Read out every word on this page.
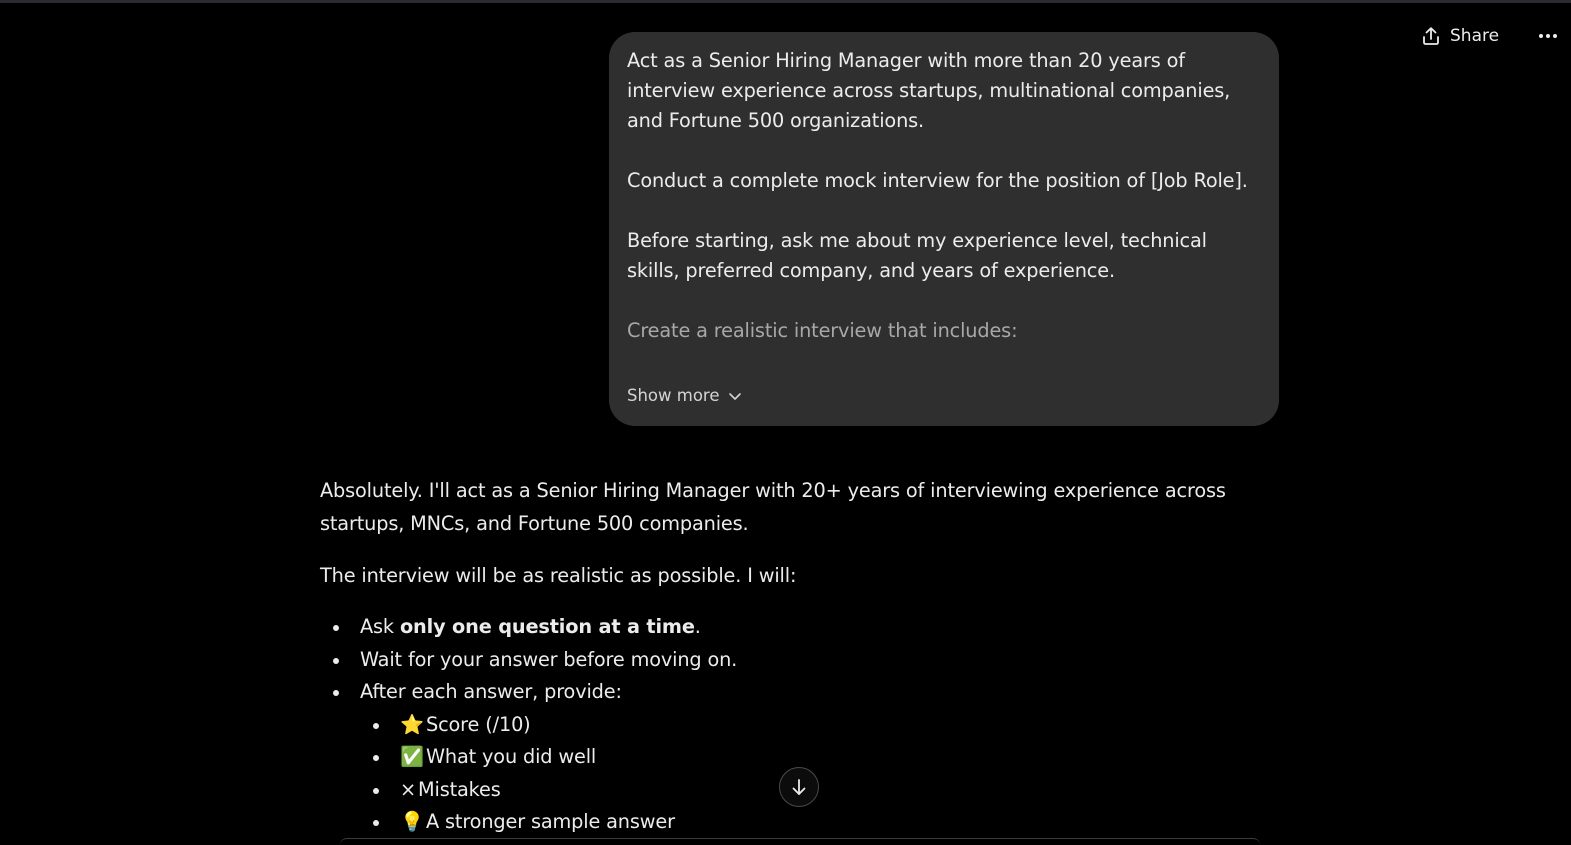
Share

Act as a Senior Hiring Manager with more than 20 years of interview experience across startups, multinational companies, and Fortune 500 organizations.

Conduct a complete mock interview for the position of [Job Role].

Before starting, ask me about my experience level, technical skills, preferred company, and years of experience.

Create a realistic interview that includes:

Show more

Absolutely. I'll act as a Senior Hiring Manager with 20+ years of interviewing experience across startups, MNCs, and Fortune 500 companies.

The interview will be as realistic as possible. I will:

Ask only one question at a time.
Wait for your answer before moving on.
After each answer, provide:
⭐ Score (/10)
✅ What you did well
× Mistakes
💡 A stronger sample answer
